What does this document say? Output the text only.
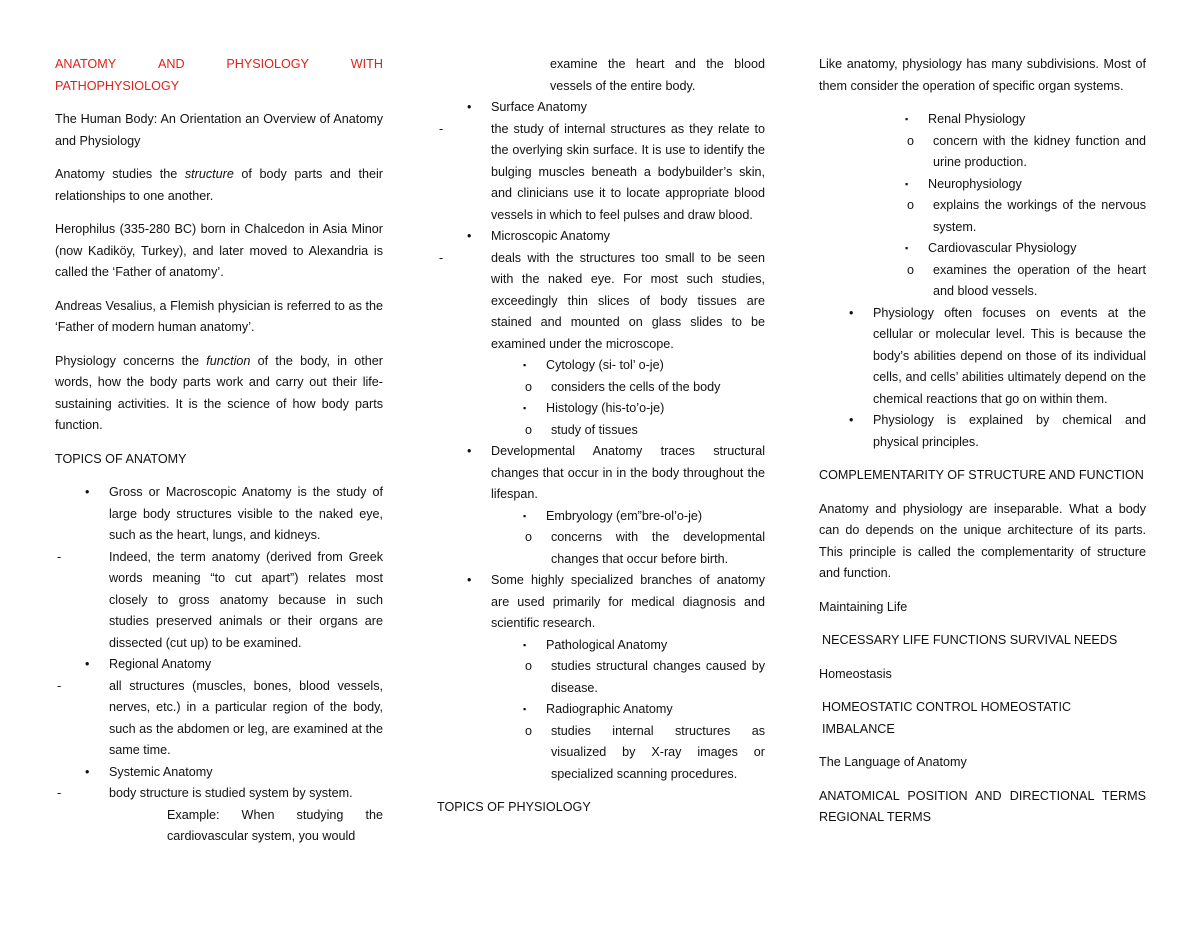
ANATOMY	AND	PHYSIOLOGY	WITH

PATHOPHYSIOLOGY

The Human Body: An Orientation an Overview of Anatomy and Physiology

Anatomy studies the structure of body parts and their relationships to one another.

Herophilus (335-280 BC) born in Chalcedon in Asia Minor (now Kadiköy, Turkey), and later moved to Alexandria is called the ‘Father of anatomy’.

Andreas Vesalius, a Flemish physician is referred to as the ‘Father of modern human anatomy’.

Physiology concerns the function of the body, in other words, how the body parts work and carry out their life-sustaining activities. It is the science of how body parts function.

TOPICS OF ANATOMY

• Gross or Macroscopic Anatomy is the study of large body structures visible to the naked eye, such as the heart, lungs, and kidneys.
-	Indeed, the term anatomy (derived from Greek words meaning “to cut apart”) relates most closely to gross anatomy because in such studies preserved animals or their organs are dissected (cut up) to be examined.
• Regional Anatomy
-	all structures (muscles, bones, blood vessels, nerves, etc.) in a particular region of the body, such as the abdomen or leg, are examined at the same time.
• Systemic Anatomy
-	body structure is studied system by system.

Example: When studying the cardiovascular system, you would

examine the heart and the blood vessels of the entire body.

• Surface Anatomy
-	the study of internal structures as they relate to the overlying skin surface. It is use to identify the bulging muscles beneath a bodybuilder’s skin, and clinicians use it to locate appropriate blood vessels in which to feel pulses and draw blood.
• Microscopic Anatomy
-	deals with the structures too small to be seen with the naked eye. For most such studies, exceedingly thin slices of body tissues are stained and mounted on glass slides to be examined under the microscope.
▪ Cytology (si- tol’ o-je)
o considers the cells of the body
▪ Histology (his-to’o-je)
o study of tissues
• Developmental Anatomy traces structural changes that occur in in the body throughout the lifespan.
▪ Embryology (em”bre-ol’o-je)
o concerns with the developmental changes that occur before birth.
• Some highly specialized branches of anatomy are used primarily for medical diagnosis and scientific research.
▪ Pathological Anatomy
o studies structural changes caused by disease.
▪ Radiographic Anatomy
o studies internal structures as visualized by X-ray images or specialized scanning procedures.

TOPICS OF PHYSIOLOGY

Like anatomy, physiology has many subdivisions. Most of them consider the operation of specific organ systems.

▪ Renal Physiology
o concern with the kidney function and urine production.
▪ Neurophysiology
o explains the workings of the nervous system.
▪ Cardiovascular Physiology
o examines the operation of the heart and blood vessels.
• Physiology often focuses on events at the cellular or molecular level. This is because the body’s abilities depend on those of its individual cells, and cells’ abilities ultimately depend on the chemical reactions that go on within them.
• Physiology is explained by chemical and physical principles.

COMPLEMENTARITY OF STRUCTURE AND FUNCTION

Anatomy and physiology are inseparable. What a body can do depends on the unique architecture of its parts. This principle is called the complementarity of structure and function.

Maintaining Life

NECESSARY LIFE FUNCTIONS SURVIVAL NEEDS

Homeostasis

HOMEOSTATIC CONTROL HOMEOSTATIC IMBALANCE

The Language of Anatomy

ANATOMICAL POSITION AND DIRECTIONAL TERMS REGIONAL TERMS
